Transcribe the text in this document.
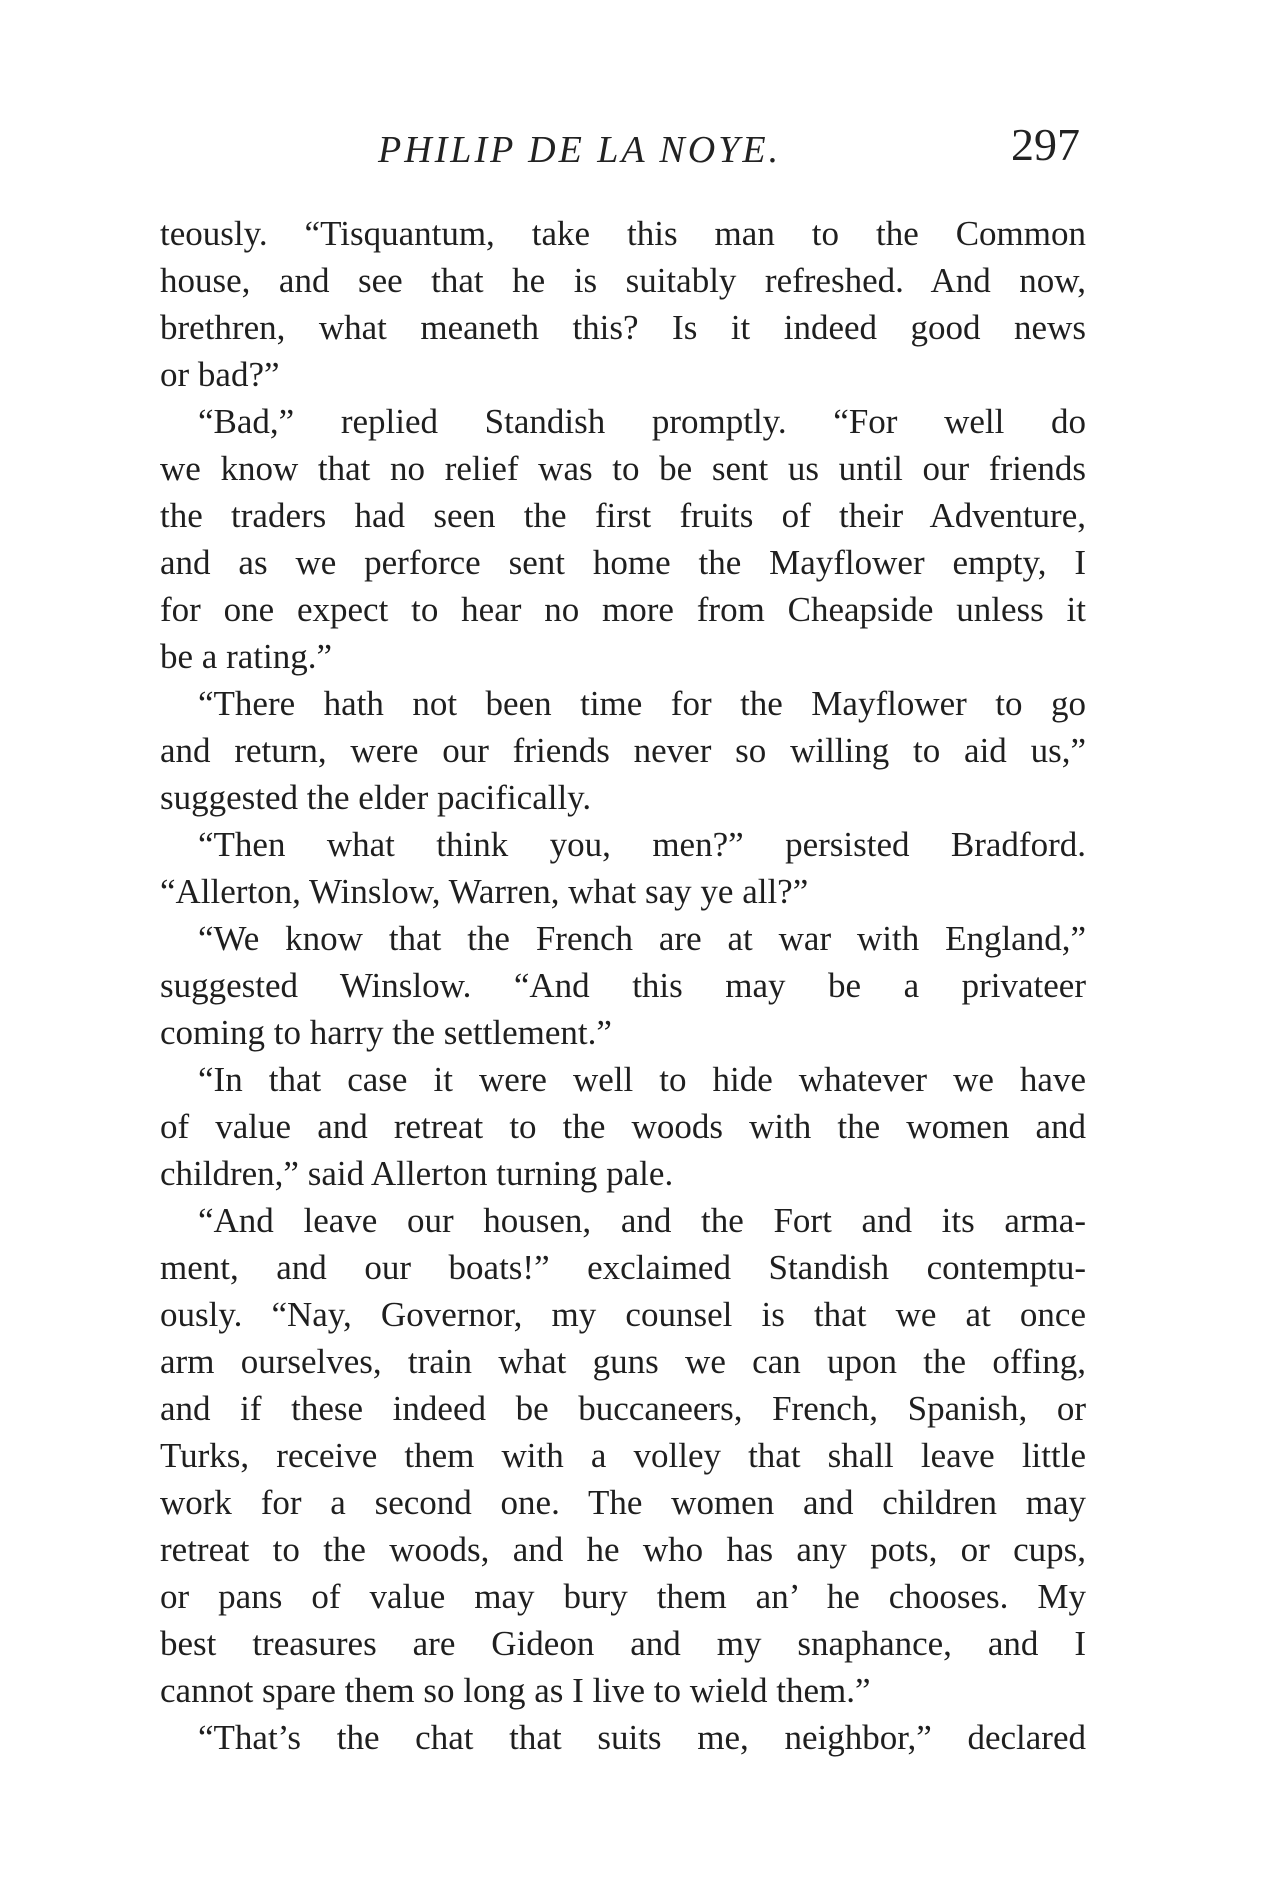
PHILIP DE LA NOYE.	297
teously. “Tisquantum, take this man to the Common
house, and see that he is suitably refreshed. And now,
brethren, what meaneth this? Is it indeed good news
or bad?”
“Bad,” replied Standish promptly. “For well do
we know that no relief was to be sent us until our friends
the traders had seen the first fruits of their Adventure,
and as we perforce sent home the Mayflower empty, I
for one expect to hear no more from Cheapside unless it
be a rating.”
“There hath not been time for the Mayflower to go
and return, were our friends never so willing to aid us,”
suggested the elder pacifically.
“Then what think you, men?” persisted Bradford.
“Allerton, Winslow, Warren, what say ye all?”
“We know that the French are at war with England,”
suggested Winslow. “And this may be a privateer
coming to harry the settlement.”
“In that case it were well to hide whatever we have
of value and retreat to the woods with the women and
children,” said Allerton turning pale.
“And leave our housen, and the Fort and its arma-
ment, and our boats!” exclaimed Standish contemptu-
ously. “Nay, Governor, my counsel is that we at once
arm ourselves, train what guns we can upon the offing,
and if these indeed be buccaneers, French, Spanish, or
Turks, receive them with a volley that shall leave little
work for a second one. The women and children may
retreat to the woods, and he who has any pots, or cups,
or pans of value may bury them an’ he chooses. My
best treasures are Gideon and my snaphance, and I
cannot spare them so long as I live to wield them.”
“That’s the chat that suits me, neighbor,” declared
